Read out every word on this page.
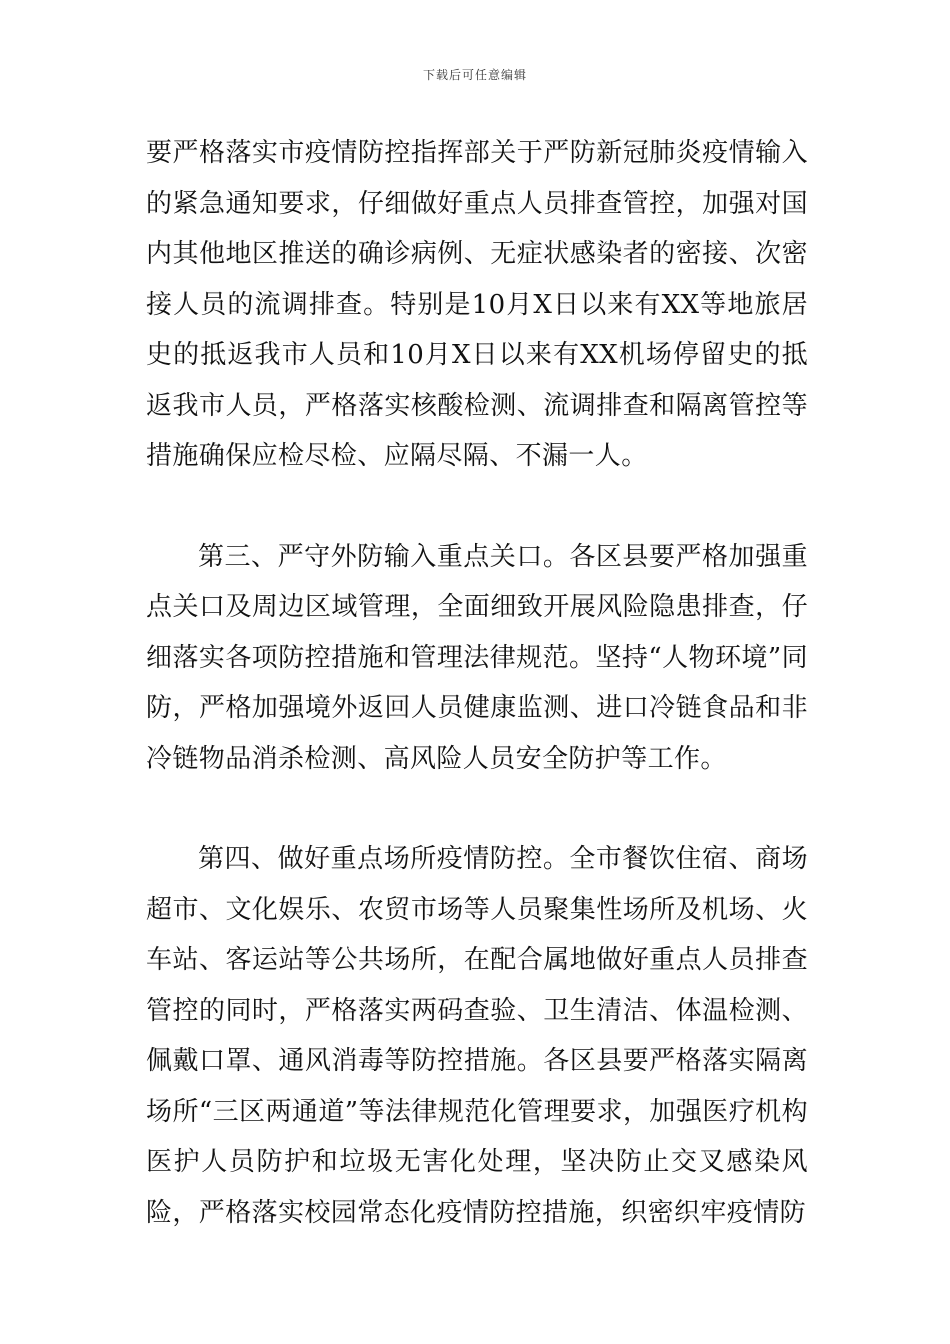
下载后可任意编辑

要严格落实市疫情防控指挥部关于严防新冠肺炎疫情输入的紧急通知要求，仔细做好重点人员排查管控，加强对国内其他地区推送的确诊病例、无症状感染者的密接、次密接人员的流调排查。特别是10月X日以来有XX等地旅居史的抵返我市人员和10月X日以来有XX机场停留史的抵返我市人员，严格落实核酸检测、流调排查和隔离管控等措施确保应检尽检、应隔尽隔、不漏一人。

第三、严守外防输入重点关口。各区县要严格加强重点关口及周边区域管理，全面细致开展风险隐患排查，仔细落实各项防控措施和管理法律规范。坚持“人物环境”同防，严格加强境外返回人员健康监测、进口冷链食品和非冷链物品消杀检测、高风险人员安全防护等工作。

第四、做好重点场所疫情防控。全市餐饮住宿、商场超市、文化娱乐、农贸市场等人员聚集性场所及机场、火车站、客运站等公共场所，在配合属地做好重点人员排查管控的同时，严格落实两码查验、卫生清洁、体温检测、佩戴口罩、通风消毒等防控措施。各区县要严格落实隔离场所“三区两通道”等法律规范化管理要求，加强医疗机构医护人员防护和垃圾无害化处理，坚决防止交叉感染风险，严格落实校园常态化疫情防控措施，织密织牢疫情防
